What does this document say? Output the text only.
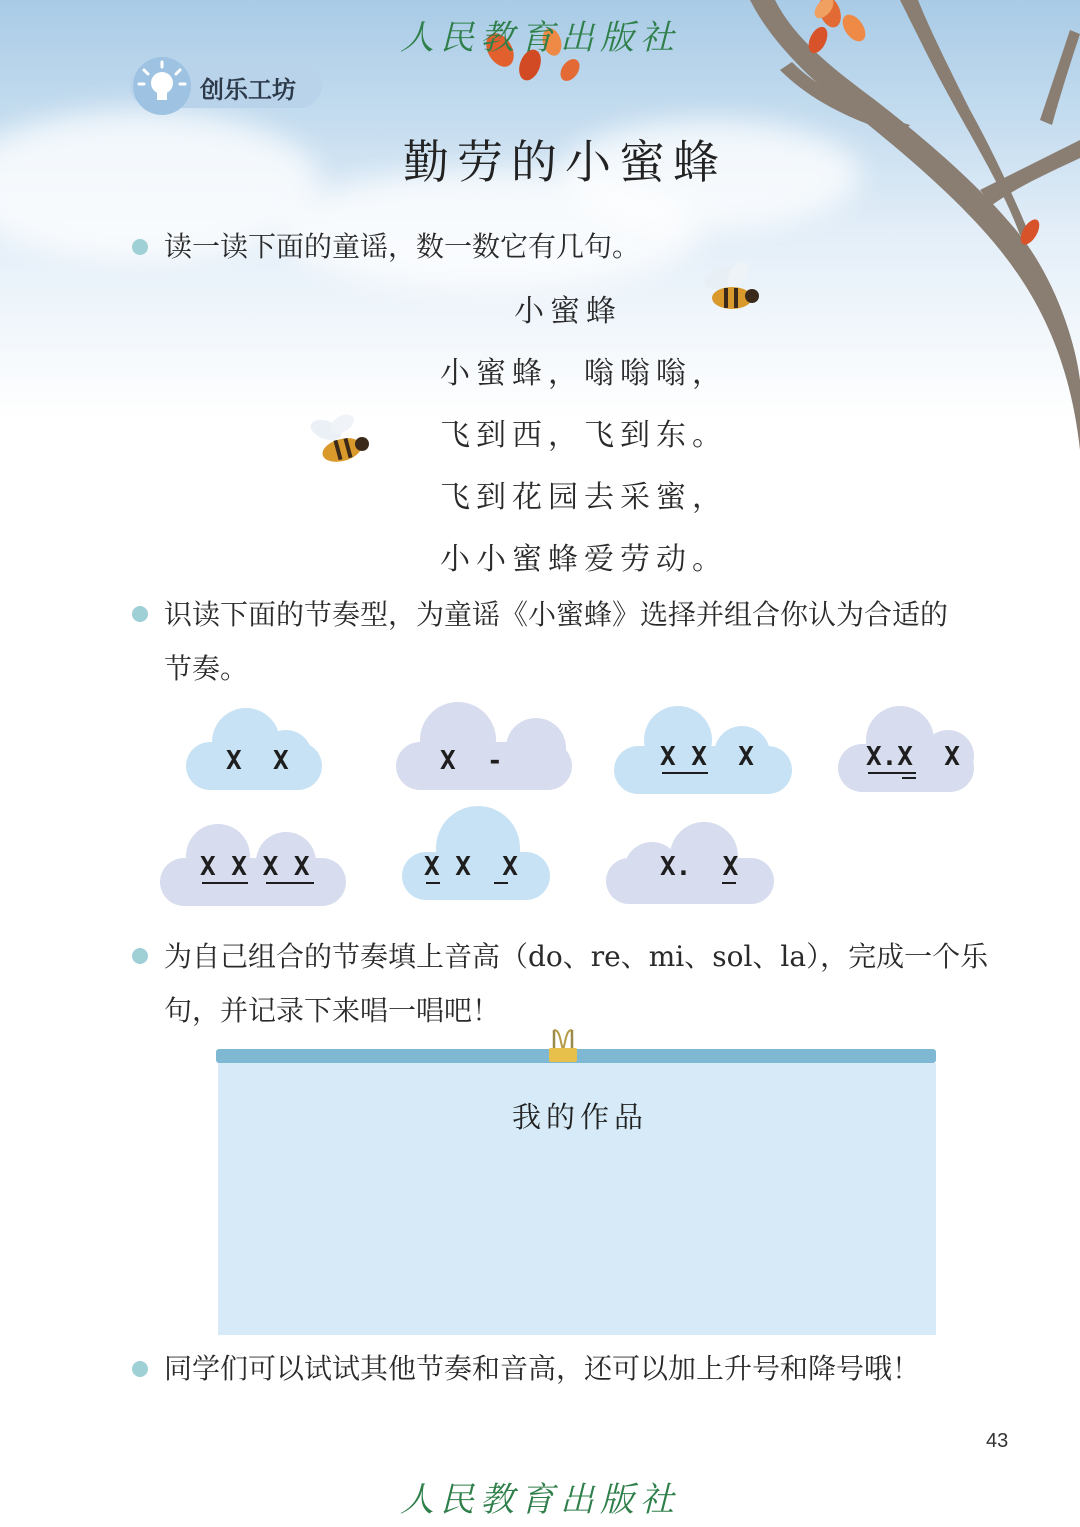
人民教育出版社
创乐工坊
勤劳的小蜜蜂
读一读下面的童谣，数一数它有几句。
小蜜蜂
小蜜蜂，嗡嗡嗡，
飞到西，飞到东。
飞到花园去采蜜，
小小蜜蜂爱劳动。
识读下面的节奏型，为童谣《小蜜蜂》选择并组合你认为合适的
节奏。
X  X	X  -	X X  X	X.X  X
X X X X	X X  X	X.  X
为自己组合的节奏填上音高（do、re、mi、sol、la），完成一个乐
句，并记录下来唱一唱吧！
我的作品
同学们可以试试其他节奏和音高，还可以加上升号和降号哦！
43
人民教育出版社
